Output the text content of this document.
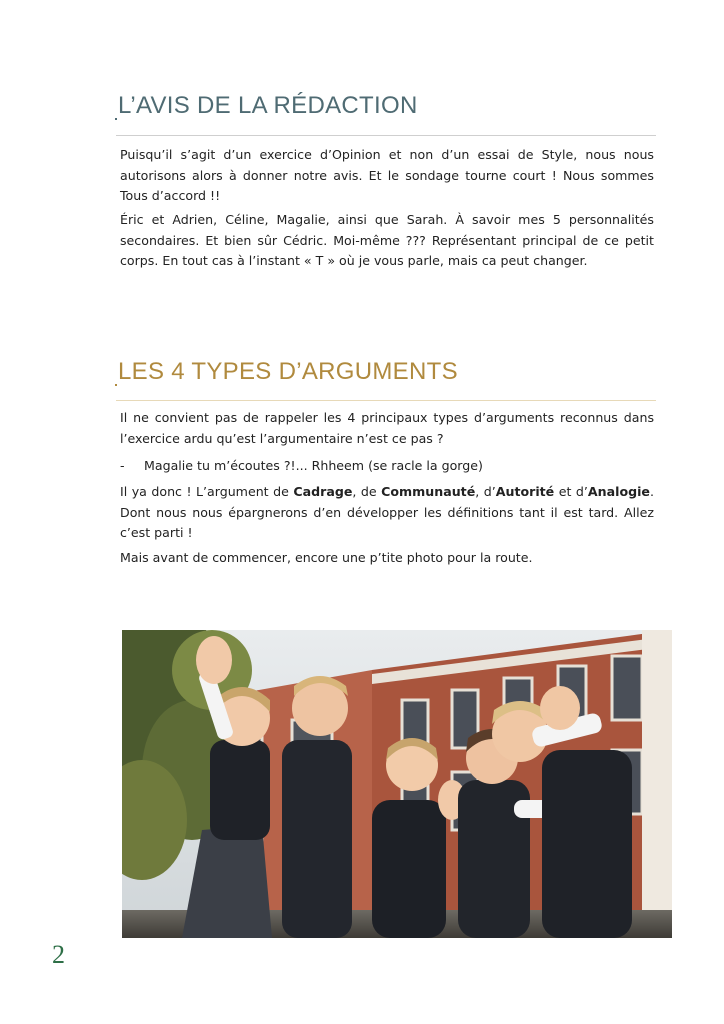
L’AVIS DE LA RÉDACTION

Puisqu’il s’agit d’un exercice d’Opinion et non d’un essai de Style, nous nous autorisons alors à donner notre avis. Et le sondage tourne court ! Nous sommes Tous d’accord !!

Éric et Adrien, Céline, Magalie, ainsi que Sarah. À savoir mes 5 personnalités secondaires. Et bien sûr Cédric. Moi-même ??? Représentant principal de ce petit corps. En tout cas à l’instant « T » où je vous parle, mais ca peut changer.

LES 4 TYPES D’ARGUMENTS

Il ne convient pas de rappeler les 4 principaux types d’arguments reconnus dans l’exercice ardu qu’est l’argumentaire n’est ce pas ?

- Magalie tu m’écoutes ?!... Rhheem (se racle la gorge)

Il ya donc ! L’argument de Cadrage, de Communauté, d’Autorité et d’Analogie. Dont nous nous épargnerons d’en développer les définitions tant il est tard. Allez c’est parti !

Mais avant de commencer, encore une p’tite photo pour la route.

2
